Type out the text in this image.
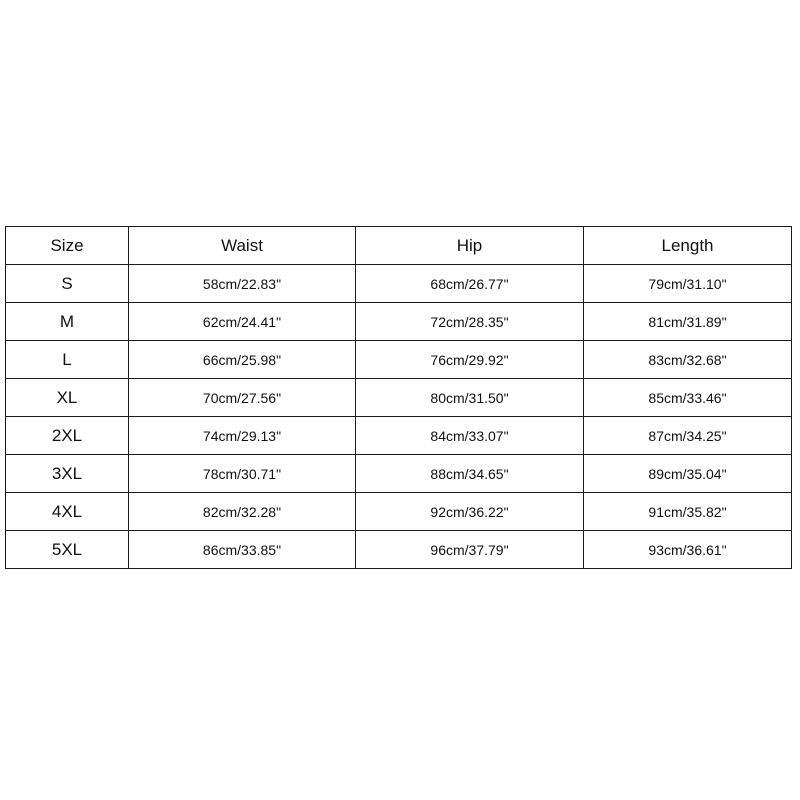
Size	Waist	Hip	Length
S	58cm/22.83"	68cm/26.77"	79cm/31.10"
M	62cm/24.41"	72cm/28.35"	81cm/31.89"
L	66cm/25.98"	76cm/29.92"	83cm/32.68"
XL	70cm/27.56"	80cm/31.50"	85cm/33.46"
2XL	74cm/29.13"	84cm/33.07"	87cm/34.25"
3XL	78cm/30.71"	88cm/34.65"	89cm/35.04"
4XL	82cm/32.28"	92cm/36.22"	91cm/35.82"
5XL	86cm/33.85"	96cm/37.79"	93cm/36.61"
